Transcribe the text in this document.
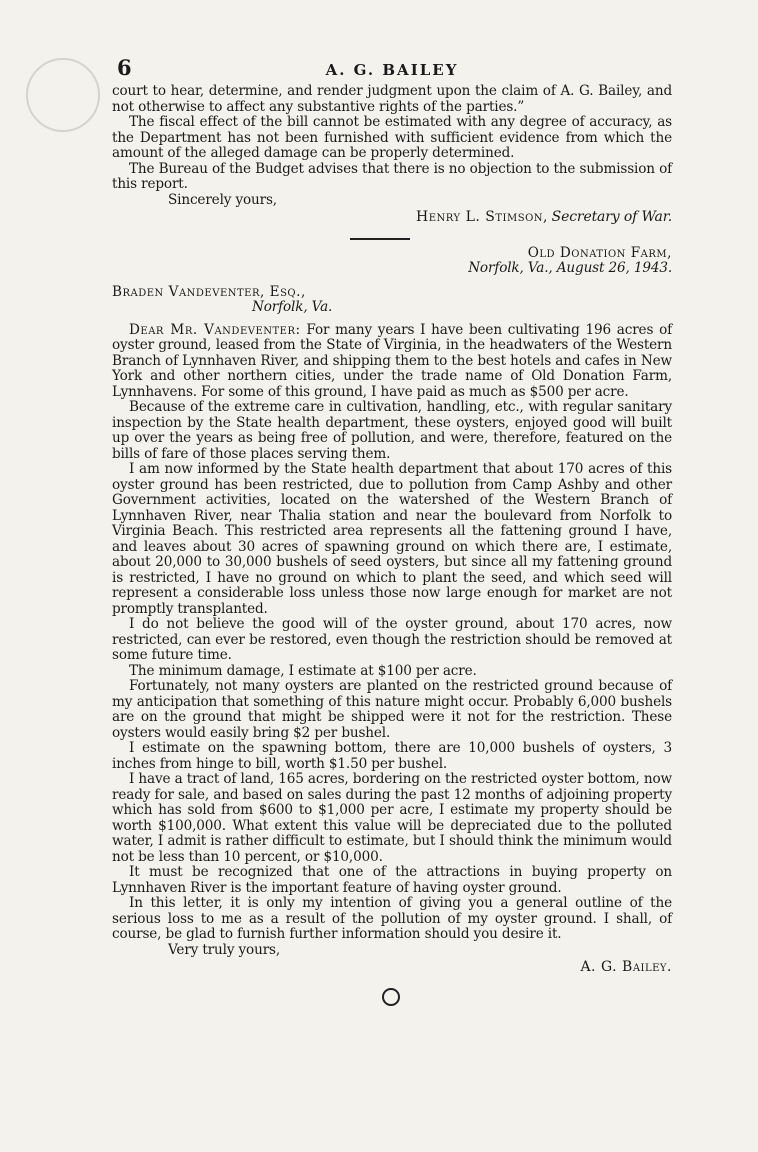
6	A. G. BAILEY

court to hear, determine, and render judgment upon the claim of A. G. Bailey, and not otherwise to affect any substantive rights of the parties.”

The fiscal effect of the bill cannot be estimated with any degree of accuracy, as the Department has not been furnished with sufficient evidence from which the amount of the alleged damage can be properly determined.

The Bureau of the Budget advises that there is no objection to the submission of this report.

Sincerely yours,

Henry L. Stimson, Secretary of War.

Old Donation Farm,
Norfolk, Va., August 26, 1943.
Braden Vandeventer, Esq.,
Norfolk, Va.

Dear Mr. Vandeventer: For many years I have been cultivating 196 acres of oyster ground, leased from the State of Virginia, in the headwaters of the Western Branch of Lynnhaven River, and shipping them to the best hotels and cafes in New York and other northern cities, under the trade name of Old Donation Farm, Lynnhavens. For some of this ground, I have paid as much as $500 per acre.

Because of the extreme care in cultivation, handling, etc., with regular sanitary inspection by the State health department, these oysters, enjoyed good will built up over the years as being free of pollution, and were, therefore, featured on the bills of fare of those places serving them.

I am now informed by the State health department that about 170 acres of this oyster ground has been restricted, due to pollution from Camp Ashby and other Government activities, located on the watershed of the Western Branch of Lynnhaven River, near Thalia station and near the boulevard from Norfolk to Virginia Beach. This restricted area represents all the fattening ground I have, and leaves about 30 acres of spawning ground on which there are, I estimate, about 20,000 to 30,000 bushels of seed oysters, but since all my fattening ground is restricted, I have no ground on which to plant the seed, and which seed will represent a considerable loss unless those now large enough for market are not promptly transplanted.

I do not believe the good will of the oyster ground, about 170 acres, now restricted, can ever be restored, even though the restriction should be removed at some future time.

The minimum damage, I estimate at $100 per acre.

Fortunately, not many oysters are planted on the restricted ground because of my anticipation that something of this nature might occur. Probably 6,000 bushels are on the ground that might be shipped were it not for the restriction. These oysters would easily bring $2 per bushel.

I estimate on the spawning bottom, there are 10,000 bushels of oysters, 3 inches from hinge to bill, worth $1.50 per bushel.

I have a tract of land, 165 acres, bordering on the restricted oyster bottom, now ready for sale, and based on sales during the past 12 months of adjoining property which has sold from $600 to $1,000 per acre, I estimate my property should be worth $100,000. What extent this value will be depreciated due to the polluted water, I admit is rather difficult to estimate, but I should think the minimum would not be less than 10 percent, or $10,000.

It must be recognized that one of the attractions in buying property on Lynnhaven River is the important feature of having oyster ground.

In this letter, it is only my intention of giving you a general outline of the serious loss to me as a result of the pollution of my oyster ground. I shall, of course, be glad to furnish further information should you desire it.

Very truly yours,

A. G. Bailey.
